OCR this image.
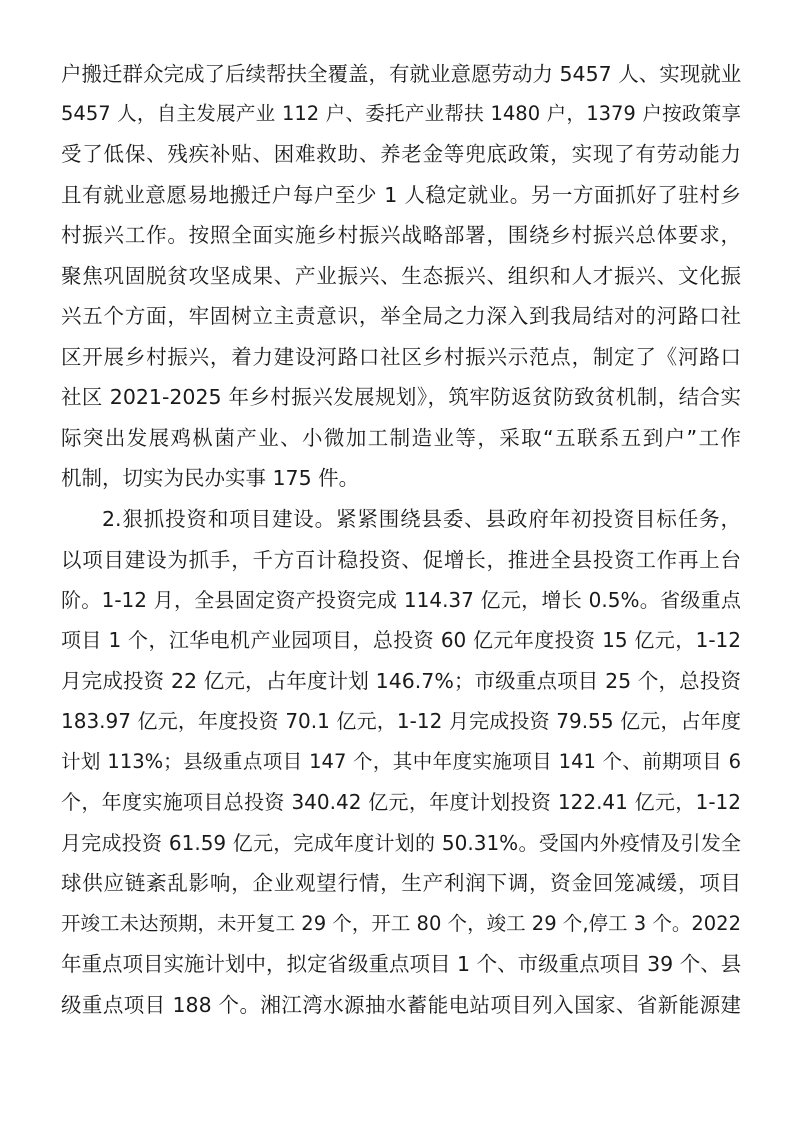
户搬迁群众完成了后续帮扶全覆盖，有就业意愿劳动力 5457 人、实现就业
5457 人，自主发展产业 112 户、委托产业帮扶 1480 户，1379 户按政策享
受了低保、残疾补贴、困难救助、养老金等兜底政策，实现了有劳动能力
且有就业意愿易地搬迁户每户至少 1 人稳定就业。另一方面抓好了驻村乡
村振兴工作。按照全面实施乡村振兴战略部署，围绕乡村振兴总体要求，
聚焦巩固脱贫攻坚成果、产业振兴、生态振兴、组织和人才振兴、文化振
兴五个方面，牢固树立主责意识，举全局之力深入到我局结对的河路口社
区开展乡村振兴，着力建设河路口社区乡村振兴示范点，制定了《河路口
社区 2021-2025 年乡村振兴发展规划》，筑牢防返贫防致贫机制，结合实
际突出发展鸡枞菌产业、小微加工制造业等，采取“五联系五到户”工作
机制，切实为民办实事 175 件。
2.狠抓投资和项目建设。紧紧围绕县委、县政府年初投资目标任务，
以项目建设为抓手，千方百计稳投资、促增长，推进全县投资工作再上台
阶。1-12 月，全县固定资产投资完成 114.37 亿元，增长 0.5%。省级重点
项目 1 个，江华电机产业园项目，总投资 60 亿元年度投资 15 亿元，1-12
月完成投资 22 亿元，占年度计划 146.7%；市级重点项目 25 个，总投资
183.97 亿元，年度投资 70.1 亿元，1-12 月完成投资 79.55 亿元，占年度
计划 113%；县级重点项目 147 个，其中年度实施项目 141 个、前期项目 6
个，年度实施项目总投资 340.42 亿元，年度计划投资 122.41 亿元，1-12
月完成投资 61.59 亿元，完成年度计划的 50.31%。受国内外疫情及引发全
球供应链紊乱影响，企业观望行情，生产利润下调，资金回笼减缓，项目
开竣工未达预期，未开复工 29 个，开工 80 个，竣工 29 个,停工 3 个。2022
年重点项目实施计划中，拟定省级重点项目 1 个、市级重点项目 39 个、县
级重点项目 188 个。湘江湾水源抽水蓄能电站项目列入国家、省新能源建
